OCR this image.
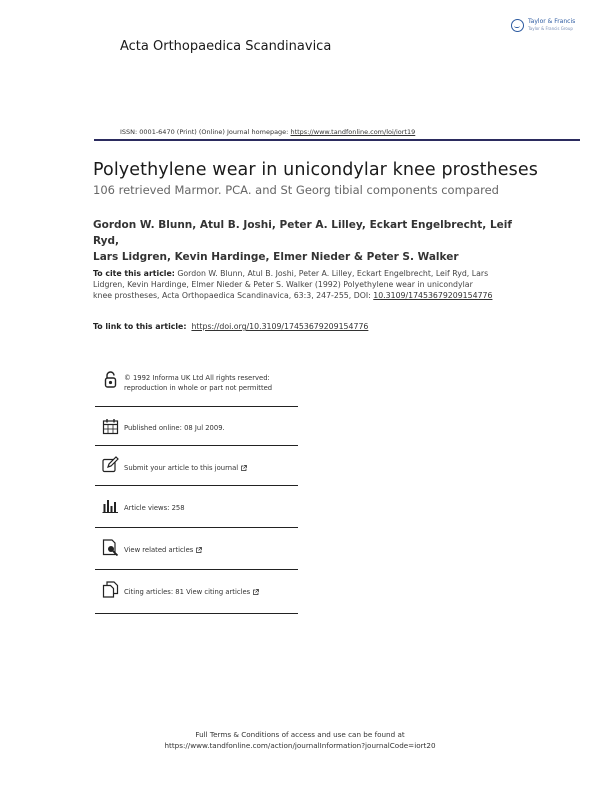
Acta Orthopaedica Scandinavica
Taylor & Francis
Taylor & Francis Group
ISSN: 0001-6470 (Print) (Online) Journal homepage: https://www.tandfonline.com/loi/iort19
Polyethylene wear in unicondylar knee prostheses
106 retrieved Marmor. PCA. and St Georg tibial components compared
Gordon W. Blunn, Atul B. Joshi, Peter A. Lilley, Eckart Engelbrecht, Leif Ryd,
Lars Lidgren, Kevin Hardinge, Elmer Nieder & Peter S. Walker
To cite this article: Gordon W. Blunn, Atul B. Joshi, Peter A. Lilley, Eckart Engelbrecht, Leif Ryd, Lars Lidgren, Kevin Hardinge, Elmer Nieder & Peter S. Walker (1992) Polyethylene wear in unicondylar knee prostheses, Acta Orthopaedica Scandinavica, 63:3, 247-255, DOI: 10.3109/17453679209154776
To link to this article: https://doi.org/10.3109/17453679209154776
© 1992 Informa UK Ltd All rights reserved:
reproduction in whole or part not permitted
Published online: 08 Jul 2009.
Submit your article to this journal
Article views: 258
View related articles
Citing articles: 81 View citing articles
Full Terms & Conditions of access and use can be found at
https://www.tandfonline.com/action/journalInformation?journalCode=iort20
